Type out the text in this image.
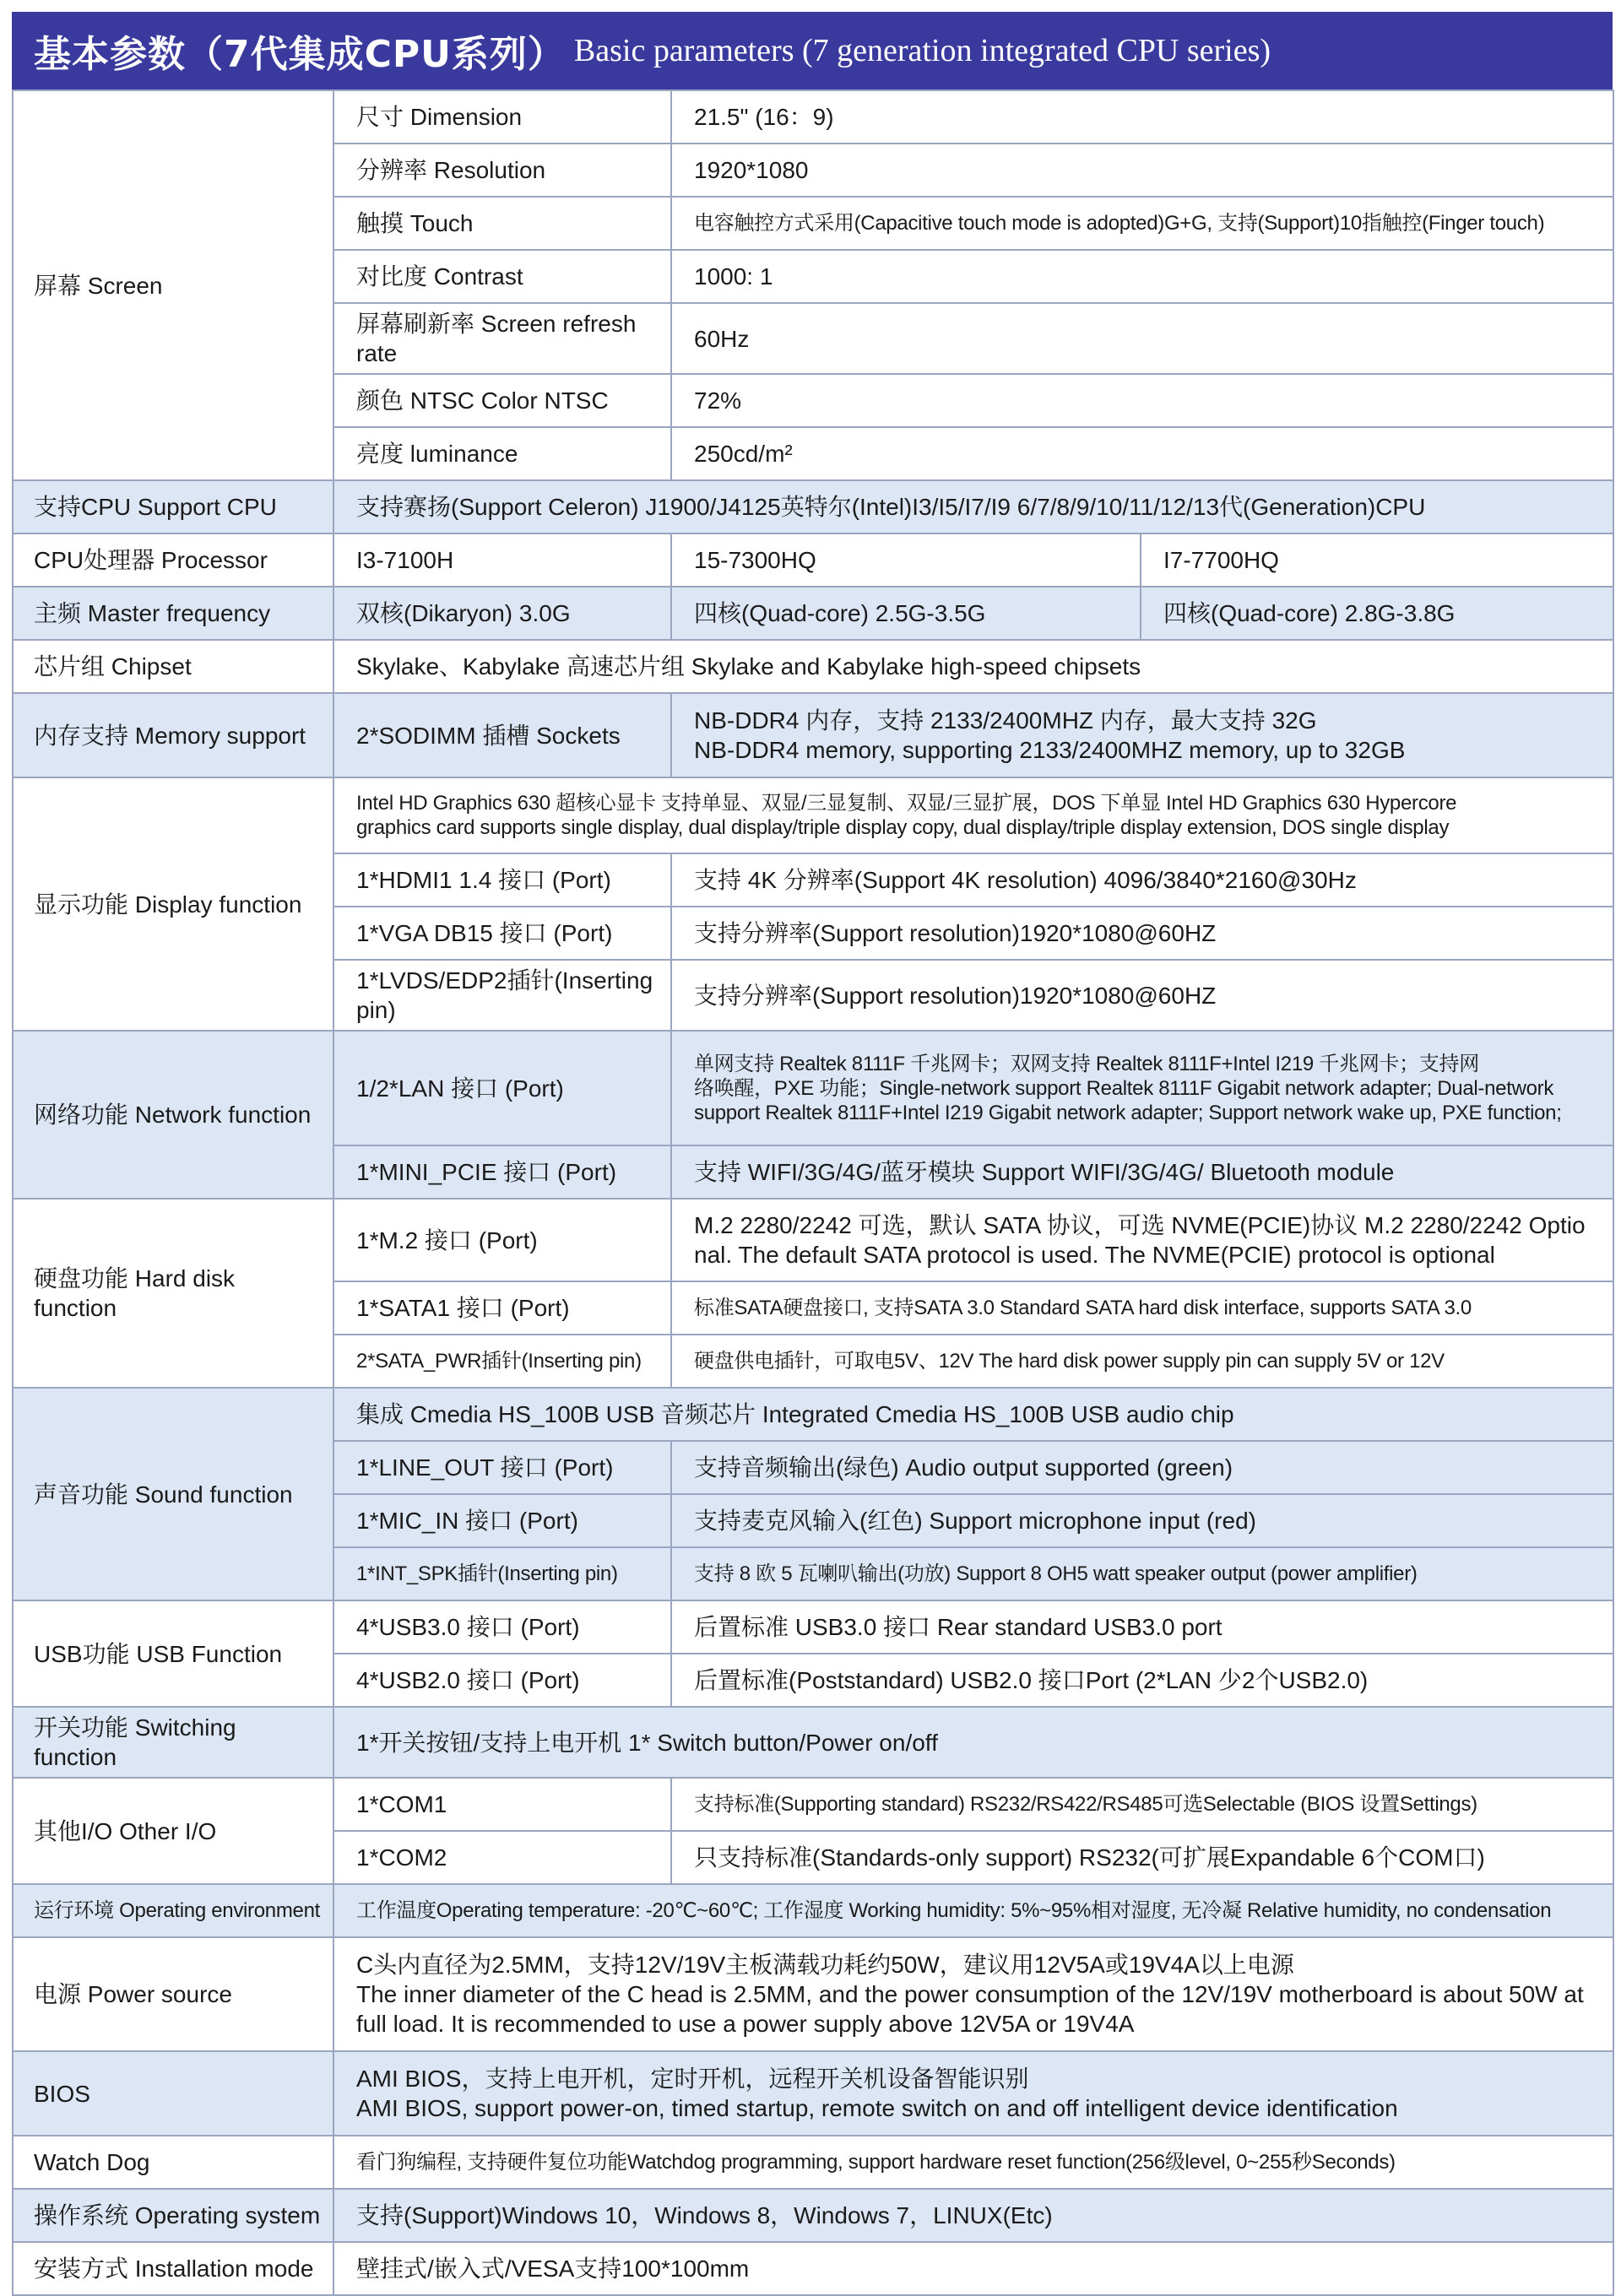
基本参数（7代集成CPU系列） Basic parameters (7 generation integrated CPU series)
屏幕 Screen	尺寸 Dimension	21.5" (16：9)	
	分辨率 Resolution	1920*1080	
	触摸 Touch	电容触控方式采用(Capacitive touch mode is adopted)G+G, 支持(Support)10指触控(Finger touch)	
	对比度 Contrast	1000: 1	
	屏幕刷新率 Screen refresh rate	60Hz	
	颜色 NTSC Color NTSC	72%	
	亮度 luminance	250cd/m²	
支持CPU Support CPU	支持赛扬(Support Celeron) J1900/J4125英特尔(Intel)I3/I5/I7/I9 6/7/8/9/10/11/12/13代(Generation)CPU		
CPU处理器 Processor	I3-7100H	15-7300HQ	I7-7700HQ
主频 Master frequency	双核(Dikaryon) 3.0G	四核(Quad-core) 2.5G-3.5G	四核(Quad-core) 2.8G-3.8G
芯片组 Chipset	Skylake、Kabylake 高速芯片组 Skylake and Kabylake high-speed chipsets		
内存支持 Memory support	2*SODIMM 插槽 Sockets	NB-DDR4 内存，支持 2133/2400MHZ 内存，最大支持 32G
NB-DDR4 memory, supporting 2133/2400MHZ memory, up to 32GB	

显示功能 Display function	Intel HD Graphics 630 超核心显卡 支持单显、双显/三显复制、双显/三显扩展，DOS 下单显 Intel HD Graphics 630 Hypercore
graphics card supports single display, dual display/triple display copy, dual display/triple display extension, DOS single display		

	1*HDMI1 1.4 接口 (Port)	支持 4K 分辨率(Support 4K resolution) 4096/3840*2160@30Hz	
	1*VGA DB15 接口 (Port)	支持分辨率(Support resolution)1920*1080@60HZ	
	1*LVDS/EDP2插针(Inserting pin)	支持分辨率(Support resolution)1920*1080@60HZ	
网络功能 Network function	1/2*LAN 接口 (Port)	单网支持 Realtek 8111F 千兆网卡；双网支持 Realtek 8111F+Intel I219 千兆网卡；支持网
络唤醒，PXE 功能；Single-network support Realtek 8111F Gigabit network adapter; Dual-network
support Realtek 8111F+Intel I219 Gigabit network adapter; Support network wake up, PXE function;	

	1*MINI_PCIE 接口 (Port)	支持 WIFI/3G/4G/蓝牙模块 Support WIFI/3G/4G/ Bluetooth module	
硬盘功能 Hard disk function	1*M.2 接口 (Port)	M.2 2280/2242 可选，默认 SATA 协议，可选 NVME(PCIE)协议 M.2 2280/2242 Optio
nal. The default SATA protocol is used. The NVME(PCIE) protocol is optional	

	1*SATA1 接口 (Port)	标准SATA硬盘接口, 支持SATA 3.0 Standard SATA hard disk interface, supports SATA 3.0	
	2*SATA_PWR插针(Inserting pin)	硬盘供电插针，可取电5V、12V The hard disk power supply pin can supply 5V or 12V	
声音功能 Sound function	集成 Cmedia HS_100B USB 音频芯片 Integrated Cmedia HS_100B USB audio chip		
	1*LINE_OUT 接口 (Port)	支持音频输出(绿色) Audio output supported (green)	
	1*MIC_IN 接口 (Port)	支持麦克风输入(红色) Support microphone input (red)	
	1*INT_SPK插针(Inserting pin)	支持 8 欧 5 瓦喇叭输出(功放) Support 8 OH5 watt speaker output (power amplifier)	
USB功能 USB Function	4*USB3.0 接口 (Port)	后置标准 USB3.0 接口 Rear standard USB3.0 port	
	4*USB2.0 接口 (Port)	后置标准(Poststandard) USB2.0 接口Port (2*LAN 少2个USB2.0)	
开关功能 Switching function	1*开关按钮/支持上电开机 1* Switch button/Power on/off		
其他I/O Other I/O	1*COM1	支持标准(Supporting standard) RS232/RS422/RS485可选Selectable (BIOS 设置Settings)	
	1*COM2	只支持标准(Standards-only support) RS232(可扩展Expandable 6个COM口)	
运行环境 Operating environment	工作温度Operating temperature: -20℃~60℃; 工作湿度 Working humidity: 5%~95%相对湿度, 无冷凝 Relative humidity, no condensation		
电源 Power source	C头内直径为2.5MM，支持12V/19V主板满载功耗约50W，建议用12V5A或19V4A以上电源
The inner diameter of the C head is 2.5MM, and the power consumption of the 12V/19V motherboard is about 50W at
full load. It is recommended to use a power supply above 12V5A or 19V4A		

BIOS	AMI BIOS，支持上电开机，定时开机，远程开关机设备智能识别
AMI BIOS, support power-on, timed startup, remote switch on and off intelligent device identification		

Watch Dog	看门狗编程, 支持硬件复位功能Watchdog programming, support hardware reset function(256级level, 0~255秒Seconds)		
操作系统 Operating system	支持(Support)Windows 10，Windows 8，Windows 7，LINUX(Etc)		
安装方式 Installation mode	壁挂式/嵌入式/VESA支持100*100mm		
